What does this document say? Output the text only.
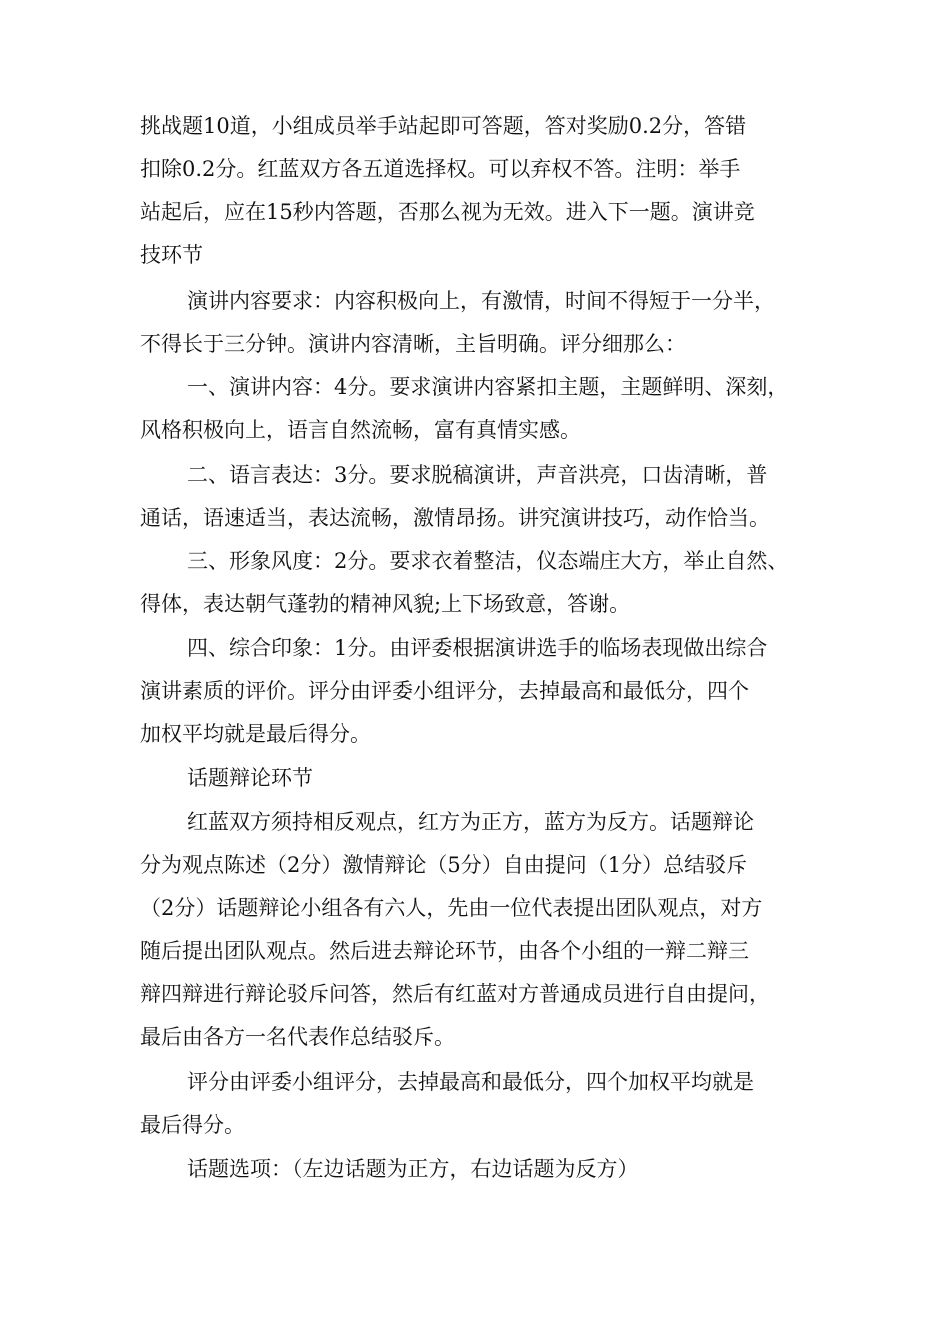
挑战题10道，小组成员举手站起即可答题，答对奖励0.2分，答错
扣除0.2分。红蓝双方各五道选择权。可以弃权不答。注明：举手
站起后，应在15秒内答题，否那么视为无效。进入下一题。演讲竞
技环节
演讲内容要求：内容积极向上，有激情，时间不得短于一分半，
不得长于三分钟。演讲内容清晰，主旨明确。评分细那么：
一、演讲内容：4分。要求演讲内容紧扣主题，主题鲜明、深刻，
风格积极向上，语言自然流畅，富有真情实感。
二、语言表达：3分。要求脱稿演讲，声音洪亮，口齿清晰，普
通话，语速适当，表达流畅，激情昂扬。讲究演讲技巧，动作恰当。
三、形象风度：2分。要求衣着整洁，仪态端庄大方，举止自然、
得体，表达朝气蓬勃的精神风貌;上下场致意，答谢。
四、综合印象：1分。由评委根据演讲选手的临场表现做出综合
演讲素质的评价。评分由评委小组评分，去掉最高和最低分，四个
加权平均就是最后得分。
话题辩论环节
红蓝双方须持相反观点，红方为正方，蓝方为反方。话题辩论
分为观点陈述（2分）激情辩论（5分）自由提问（1分）总结驳斥
（2分）话题辩论小组各有六人，先由一位代表提出团队观点，对方
随后提出团队观点。然后进去辩论环节，由各个小组的一辩二辩三
辩四辩进行辩论驳斥问答，然后有红蓝对方普通成员进行自由提问，
最后由各方一名代表作总结驳斥。
评分由评委小组评分，去掉最高和最低分，四个加权平均就是
最后得分。
话题选项：（左边话题为正方，右边话题为反方）
